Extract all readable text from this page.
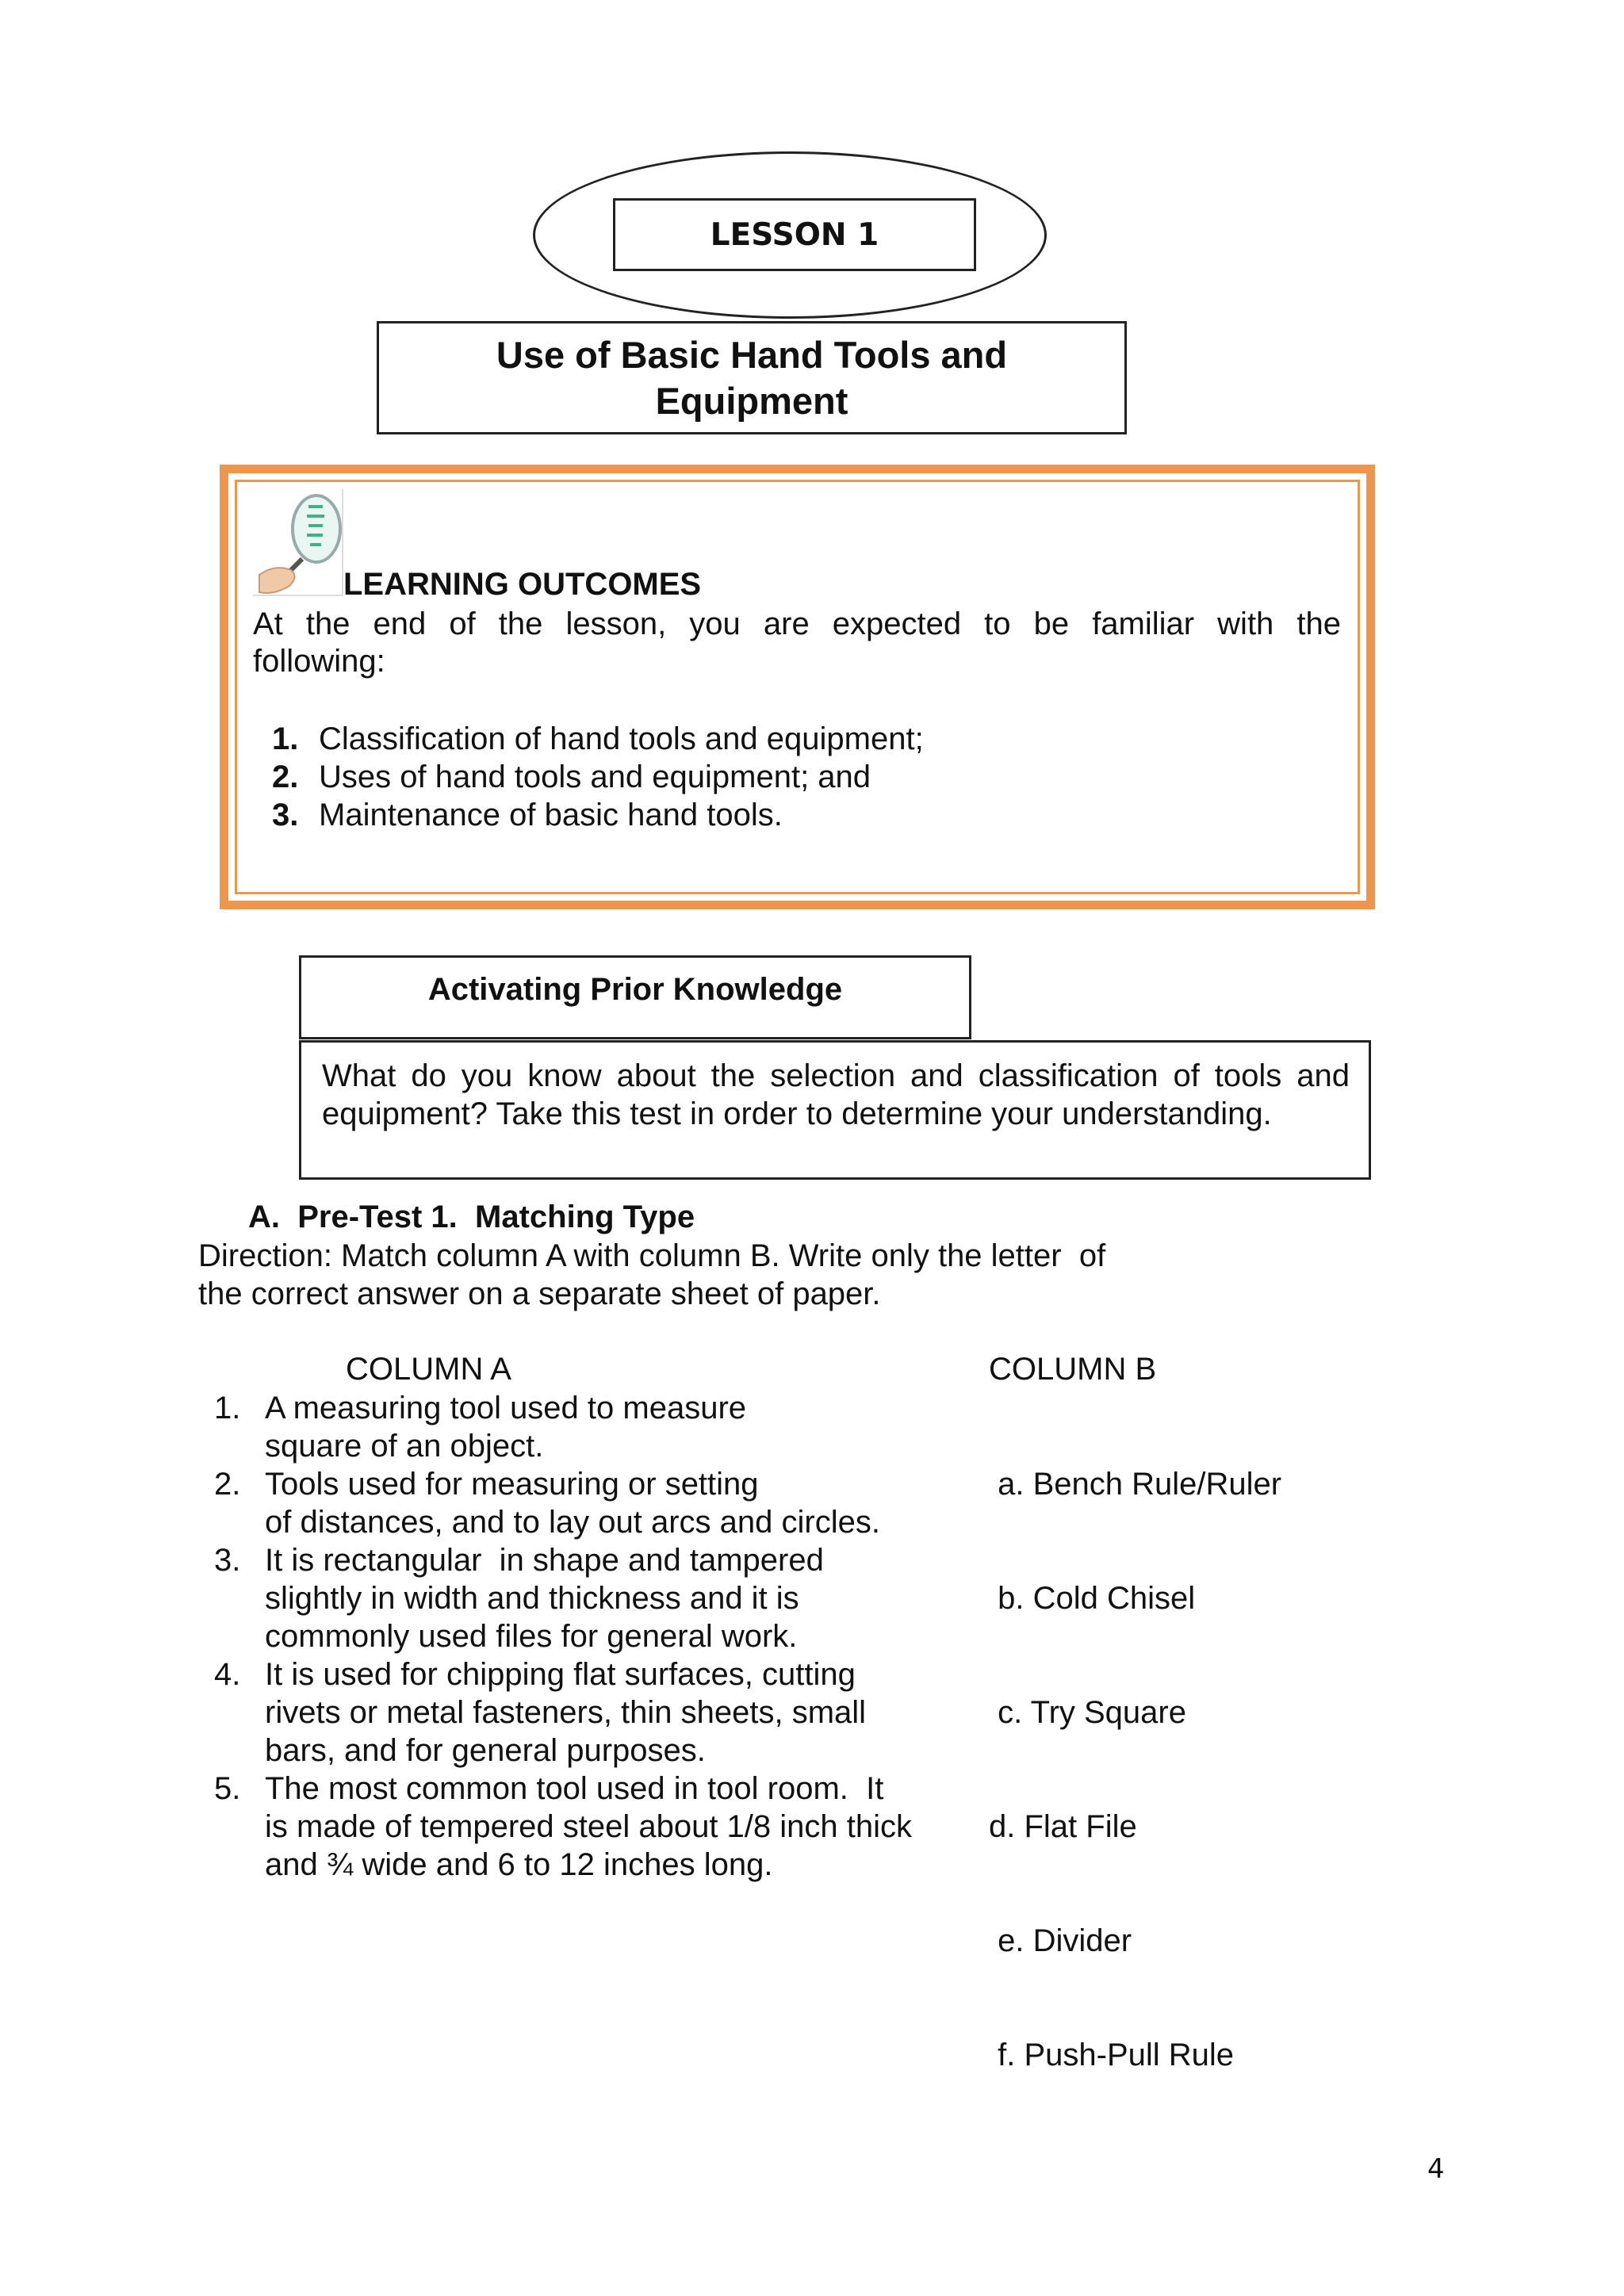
LESSON 1
Use of Basic Hand Tools and Equipment
LEARNING OUTCOMES
At the end of the lesson, you are expected to be familiar with the
following:
1. Classification of hand tools and equipment;
2. Uses of hand tools and equipment; and
3. Maintenance of basic hand tools.
Activating Prior Knowledge
What do you know about the selection and classification of tools and
equipment? Take this test in order to determine your understanding.
A.  Pre-Test 1.  Matching Type
Direction: Match column A with column B. Write only the letter  of
the correct answer on a separate sheet of paper.
COLUMN A	COLUMN B
1. A measuring tool used to measure
square of an object.
2. Tools used for measuring or setting
of distances, and to lay out arcs and circles.
3. It is rectangular  in shape and tampered
slightly in width and thickness and it is
commonly used files for general work.
4. It is used for chipping flat surfaces, cutting
rivets or metal fasteners, thin sheets, small
bars, and for general purposes.
5. The most common tool used in tool room.  It
is made of tempered steel about 1/8 inch thick
and ¾ wide and 6 to 12 inches long.

a. Bench Rule/Ruler

b. Cold Chisel

c. Try Square

d. Flat File

e. Divider

f. Push-Pull Rule

4
